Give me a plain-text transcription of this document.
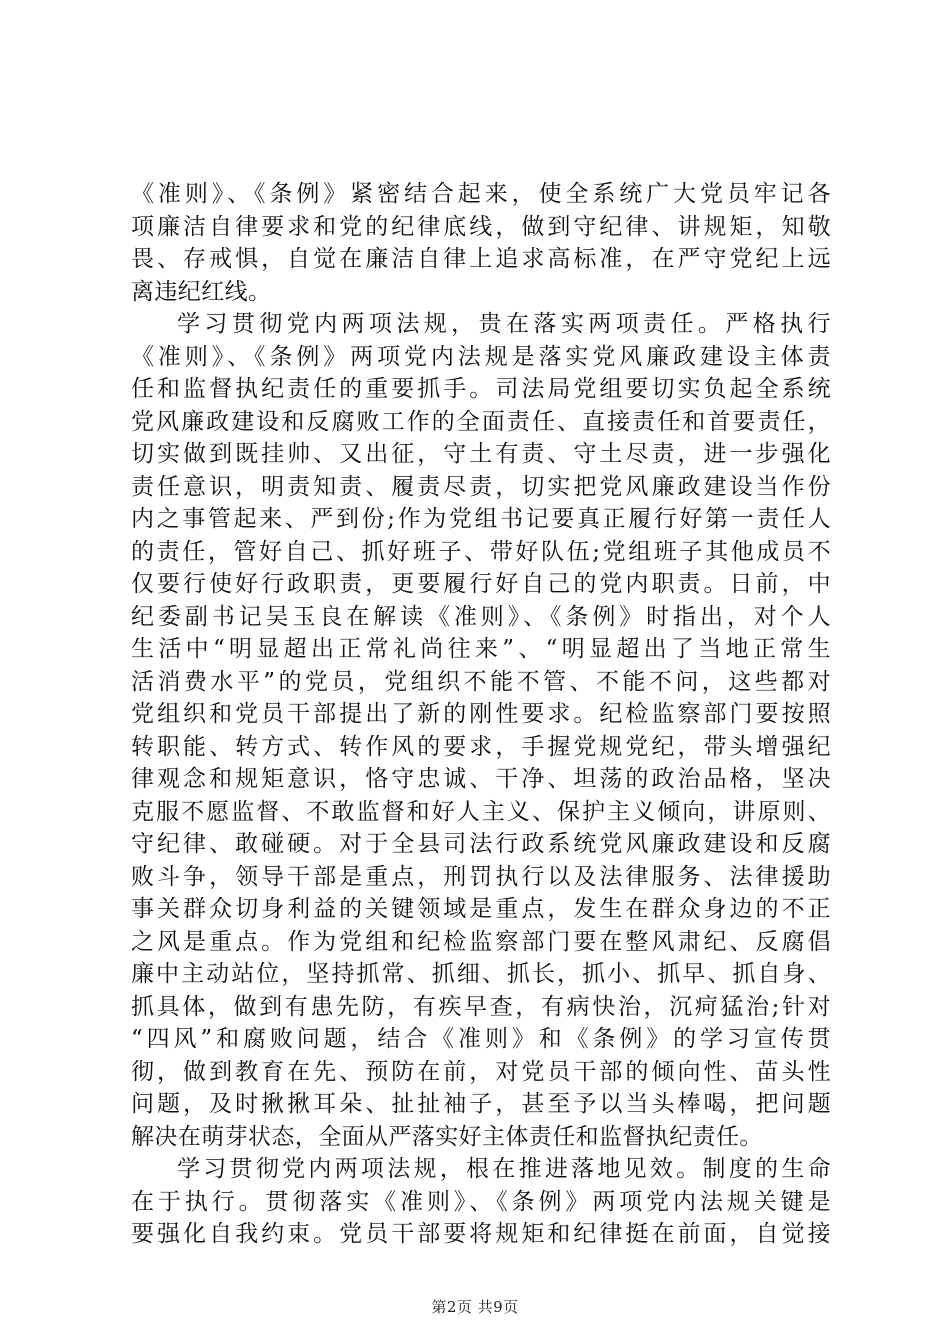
《准则》、《条例》紧密结合起来，使全系统广大党员牢记各
项廉洁自律要求和党的纪律底线，做到守纪律、讲规矩，知敬
畏、存戒惧，自觉在廉洁自律上追求高标准，在严守党纪上远
离违纪红线。
学习贯彻党内两项法规，贵在落实两项责任。严格执行
《准则》、《条例》两项党内法规是落实党风廉政建设主体责
任和监督执纪责任的重要抓手。司法局党组要切实负起全系统
党风廉政建设和反腐败工作的全面责任、直接责任和首要责任，
切实做到既挂帅、又出征，守土有责、守土尽责，进一步强化
责任意识，明责知责、履责尽责，切实把党风廉政建设当作份
内之事管起来、严到份;作为党组书记要真正履行好第一责任人
的责任，管好自己、抓好班子、带好队伍;党组班子其他成员不
仅要行使好行政职责，更要履行好自己的党内职责。日前，中
纪委副书记吴玉良在解读《准则》、《条例》时指出，对个人
生活中“明显超出正常礼尚往来”、“明显超出了当地正常生
活消费水平”的党员，党组织不能不管、不能不问，这些都对
党组织和党员干部提出了新的刚性要求。纪检监察部门要按照
转职能、转方式、转作风的要求，手握党规党纪，带头增强纪
律观念和规矩意识，恪守忠诚、干净、坦荡的政治品格，坚决
克服不愿监督、不敢监督和好人主义、保护主义倾向，讲原则、
守纪律、敢碰硬。对于全县司法行政系统党风廉政建设和反腐
败斗争，领导干部是重点，刑罚执行以及法律服务、法律援助
事关群众切身利益的关键领域是重点，发生在群众身边的不正
之风是重点。作为党组和纪检监察部门要在整风肃纪、反腐倡
廉中主动站位，坚持抓常、抓细、抓长，抓小、抓早、抓自身、
抓具体，做到有患先防，有疾早查，有病快治，沉疴猛治;针对
“四风”和腐败问题，结合《准则》和《条例》的学习宣传贯
彻，做到教育在先、预防在前，对党员干部的倾向性、苗头性
问题，及时揪揪耳朵、扯扯袖子，甚至予以当头棒喝，把问题
解决在萌芽状态，全面从严落实好主体责任和监督执纪责任。
学习贯彻党内两项法规，根在推进落地见效。制度的生命
在于执行。贯彻落实《准则》、《条例》两项党内法规关键是
要强化自我约束。党员干部要将规矩和纪律挺在前面，自觉接
第2页 共9页
